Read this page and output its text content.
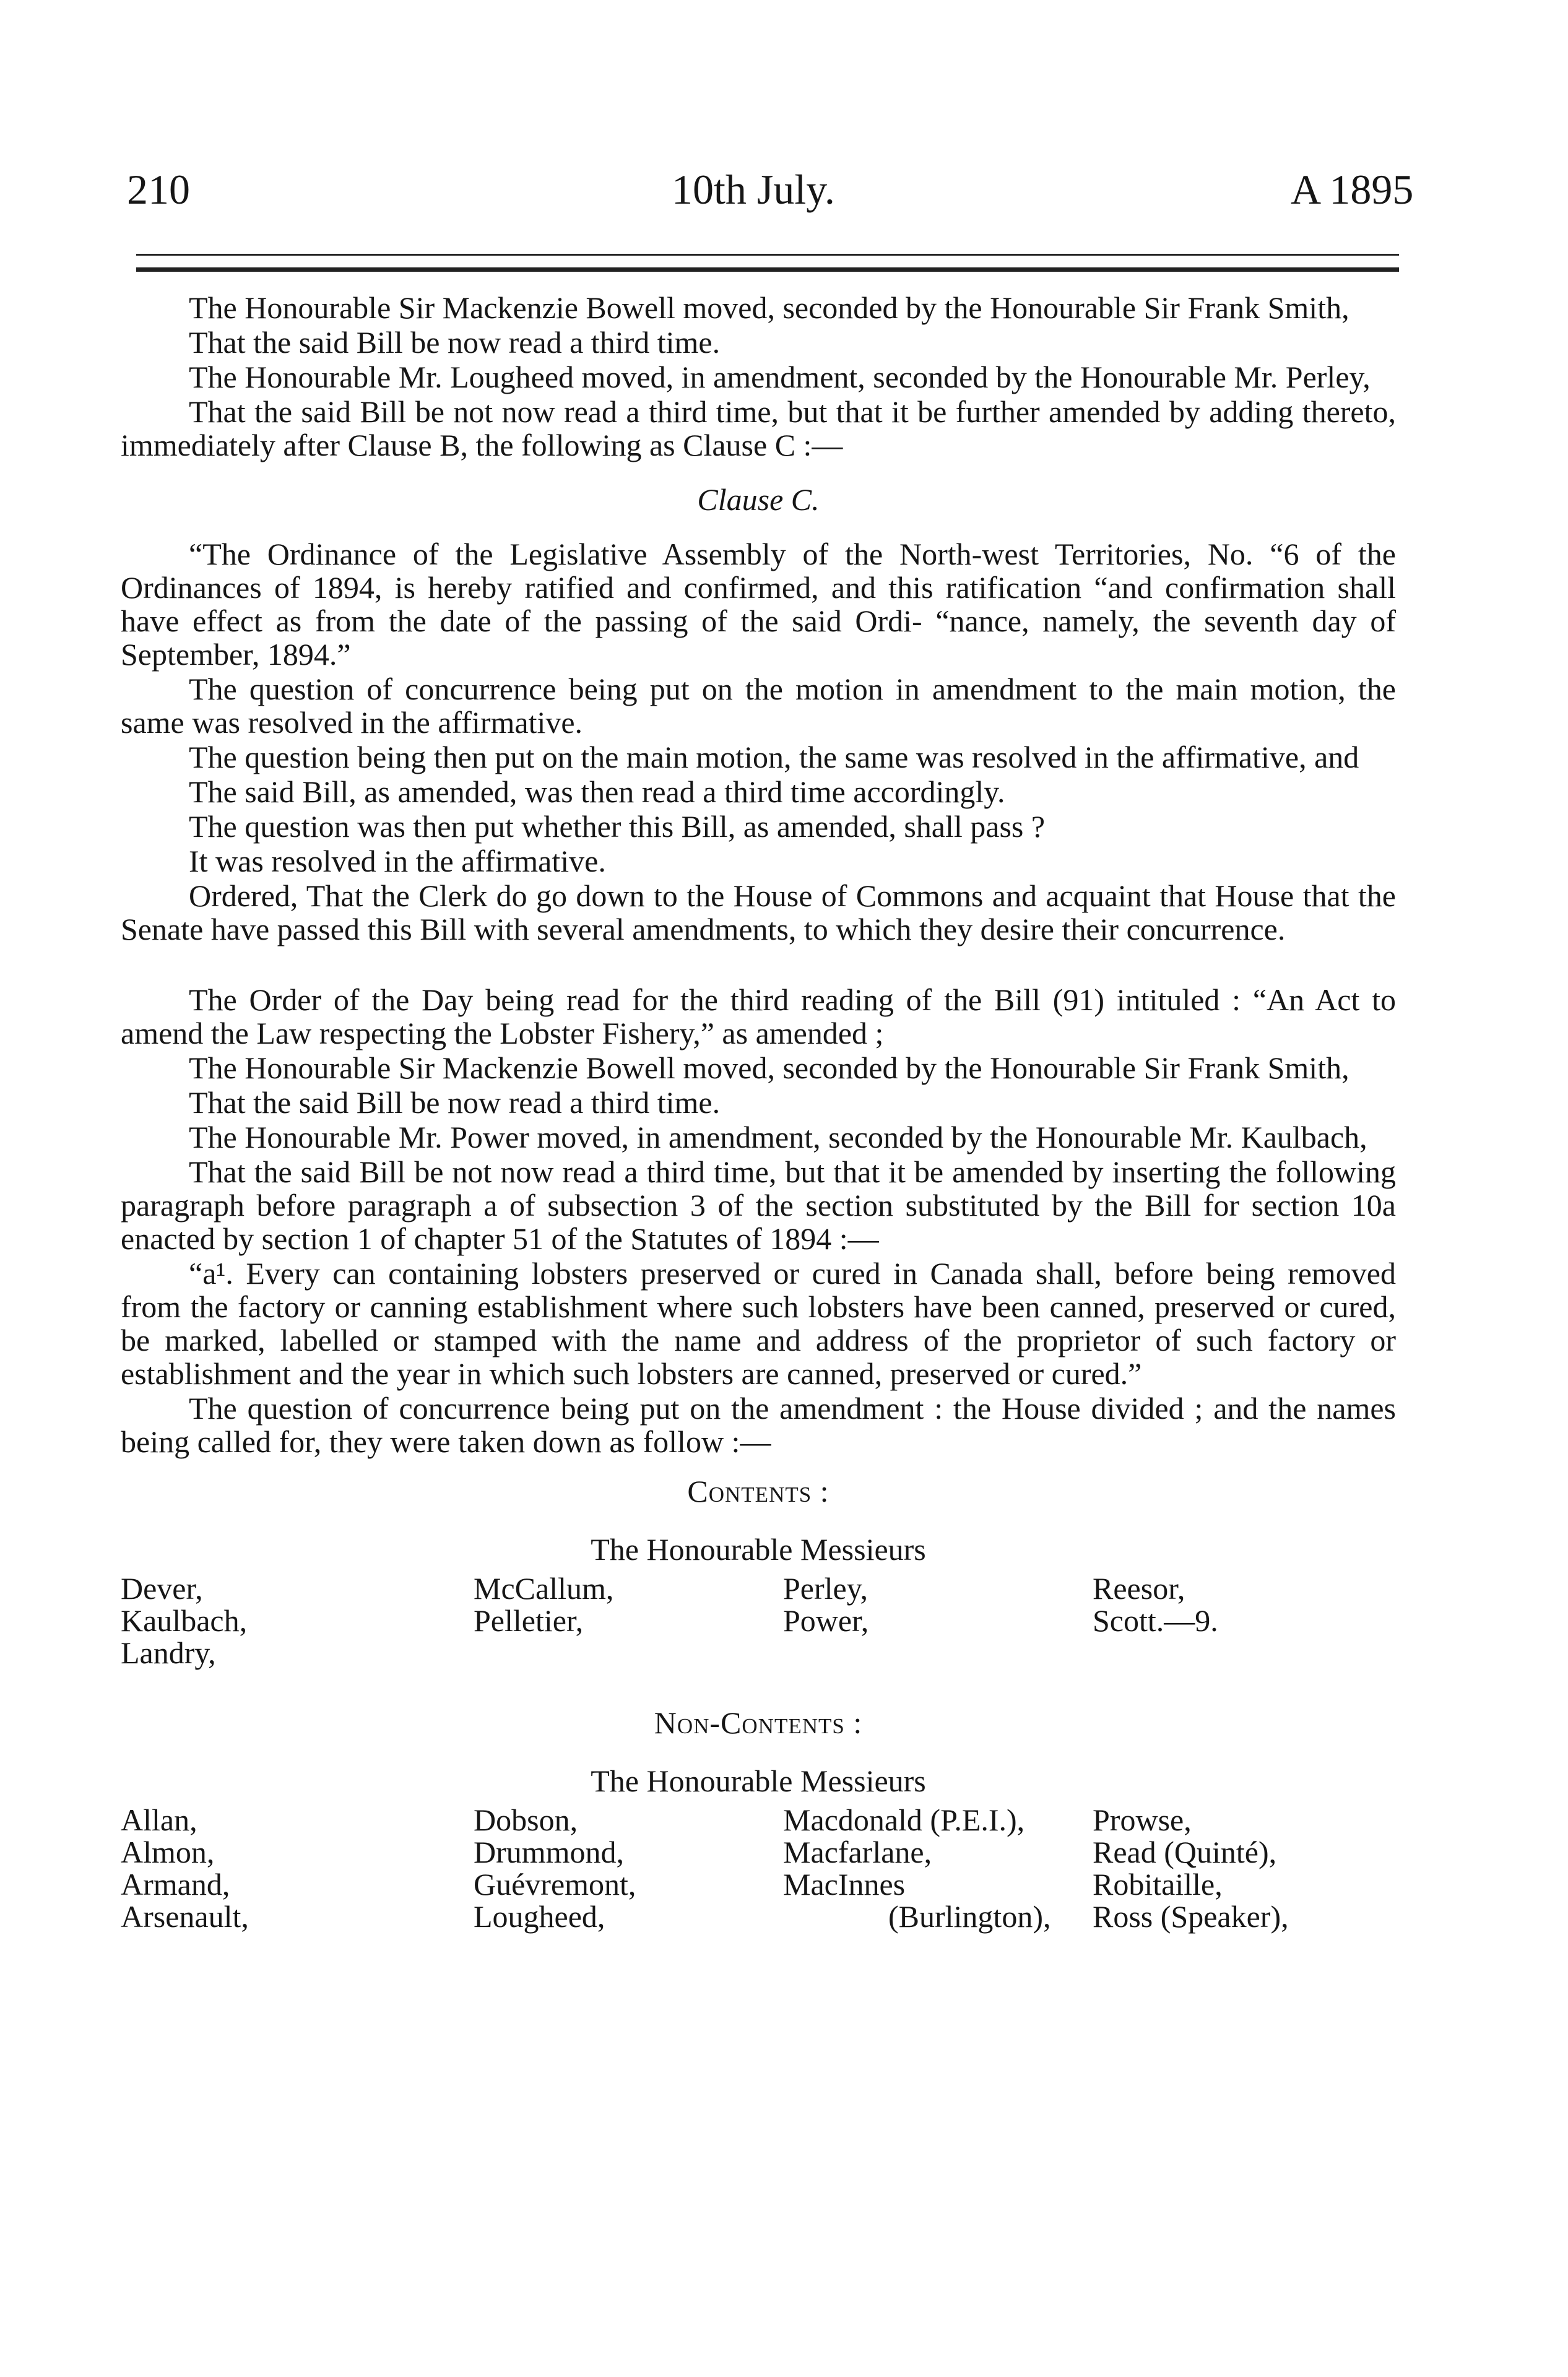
210	10th July.	A 1895

The Honourable Sir Mackenzie Bowell moved, seconded by the Honourable Sir Frank Smith,

That the said Bill be now read a third time.

The Honourable Mr. Lougheed moved, in amendment, seconded by the Honourable Mr. Perley,

That the said Bill be not now read a third time, but that it be further amended by adding thereto, immediately after Clause B, the following as Clause C :—

Clause C.

“The Ordinance of the Legislative Assembly of the North-west Territories, No. “6 of the Ordinances of 1894, is hereby ratified and confirmed, and this ratification “and confirmation shall have effect as from the date of the passing of the said Ordi- “nance, namely, the seventh day of September, 1894.”

The question of concurrence being put on the motion in amendment to the main motion, the same was resolved in the affirmative.

The question being then put on the main motion, the same was resolved in the affirmative, and

The said Bill, as amended, was then read a third time accordingly.

The question was then put whether this Bill, as amended, shall pass ?

It was resolved in the affirmative.

Ordered, That the Clerk do go down to the House of Commons and acquaint that House that the Senate have passed this Bill with several amendments, to which they desire their concurrence.

The Order of the Day being read for the third reading of the Bill (91) intituled : “An Act to amend the Law respecting the Lobster Fishery,” as amended ;

The Honourable Sir Mackenzie Bowell moved, seconded by the Honourable Sir Frank Smith,

That the said Bill be now read a third time.

The Honourable Mr. Power moved, in amendment, seconded by the Honourable Mr. Kaulbach,

That the said Bill be not now read a third time, but that it be amended by inserting the following paragraph before paragraph a of subsection 3 of the section substituted by the Bill for section 10a enacted by section 1 of chapter 51 of the Statutes of 1894 :—

“a¹. Every can containing lobsters preserved or cured in Canada shall, before being removed from the factory or canning establishment where such lobsters have been canned, preserved or cured, be marked, labelled or stamped with the name and address of the proprietor of such factory or establishment and the year in which such lobsters are canned, preserved or cured.”

The question of concurrence being put on the amendment : the House divided ; and the names being called for, they were taken down as follow :—

Contents :

The Honourable Messieurs

Dever,
Kaulbach,
Landry,
McCallum,
Pelletier,
Perley,
Power,
Reesor,
Scott.—9.

Non-Contents :

The Honourable Messieurs

Allan,
Almon,
Armand,
Arsenault,
Dobson,
Drummond,
Guévremont,
Lougheed,
Macdonald (P.E.I.),
Macfarlane,
MacInnes
(Burlington),
Prowse,
Read (Quinté),
Robitaille,
Ross (Speaker),
